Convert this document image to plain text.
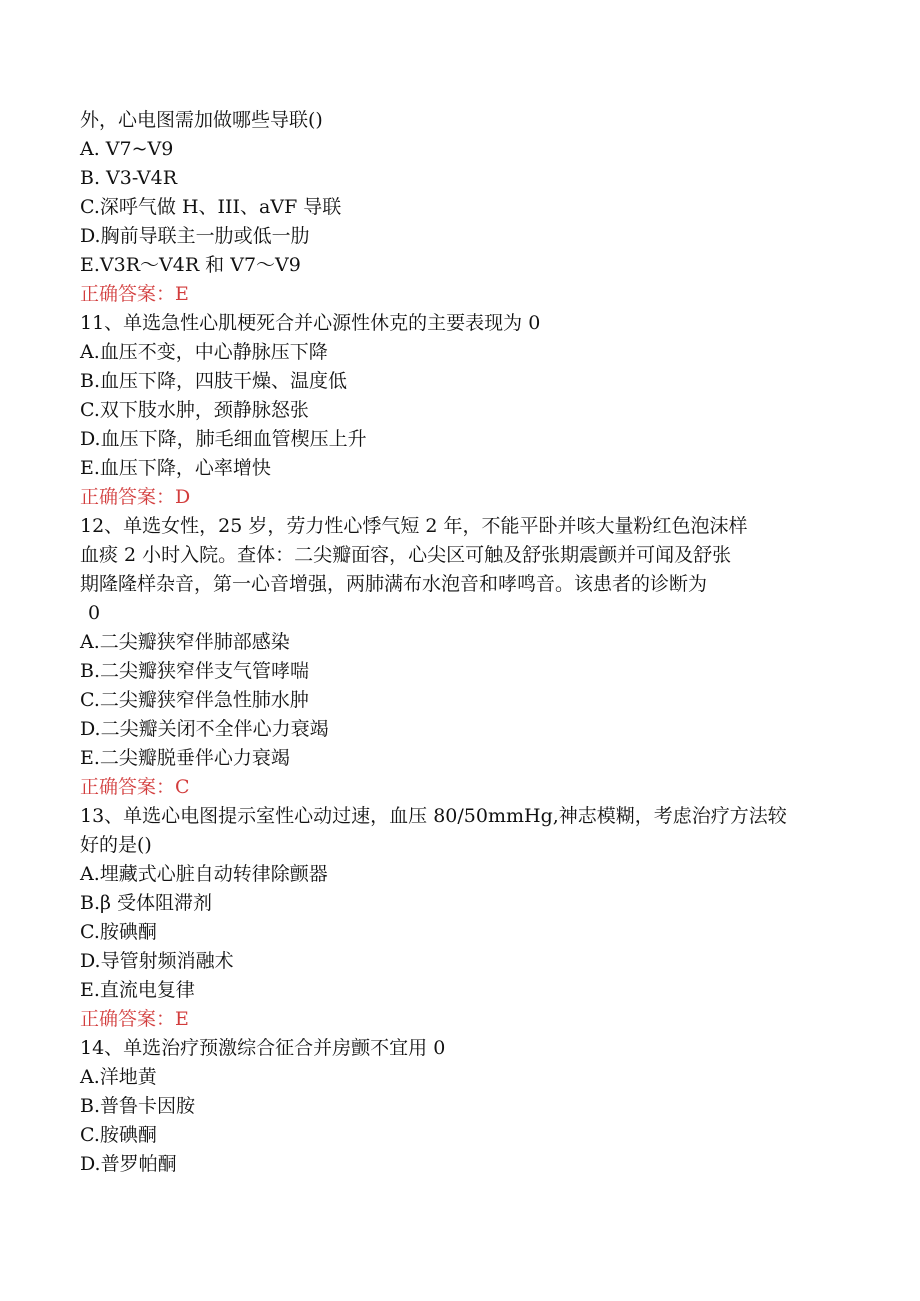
外，心电图需加做哪些导联()
A. V7~V9
B. V3-V4R
C.深呼气做 H、III、aVF 导联
D.胸前导联主一肋或低一肋
E.V3R～V4R 和 V7～V9
正确答案：E
11、单选急性心肌梗死合并心源性休克的主要表现为 0
A.血压不变，中心静脉压下降
B.血压下降，四肢干燥、温度低
C.双下肢水肿，颈静脉怒张
D.血压下降，肺毛细血管楔压上升
E.血压下降，心率增快
正确答案：D
12、单选女性，25 岁，劳力性心悸气短 2 年，不能平卧并咳大量粉红色泡沫样
血痰 2 小时入院。查体：二尖瓣面容，心尖区可触及舒张期震颤并可闻及舒张
期隆隆样杂音，第一心音增强，两肺满布水泡音和哮鸣音。该患者的诊断为
0
A.二尖瓣狭窄伴肺部感染
B.二尖瓣狭窄伴支气管哮喘
C.二尖瓣狭窄伴急性肺水肿
D.二尖瓣关闭不全伴心力衰竭
E.二尖瓣脱垂伴心力衰竭
正确答案：C
13、单选心电图提示室性心动过速，血压 80/50mmHg,神志模糊，考虑治疗方法较
好的是()
A.埋藏式心脏自动转律除颤器
B.β 受体阻滞剂
C.胺碘酮
D.导管射频消融术
E.直流电复律
正确答案：E
14、单选治疗预激综合征合并房颤不宜用 0
A.洋地黄
B.普鲁卡因胺
C.胺碘酮
D.普罗帕酮
